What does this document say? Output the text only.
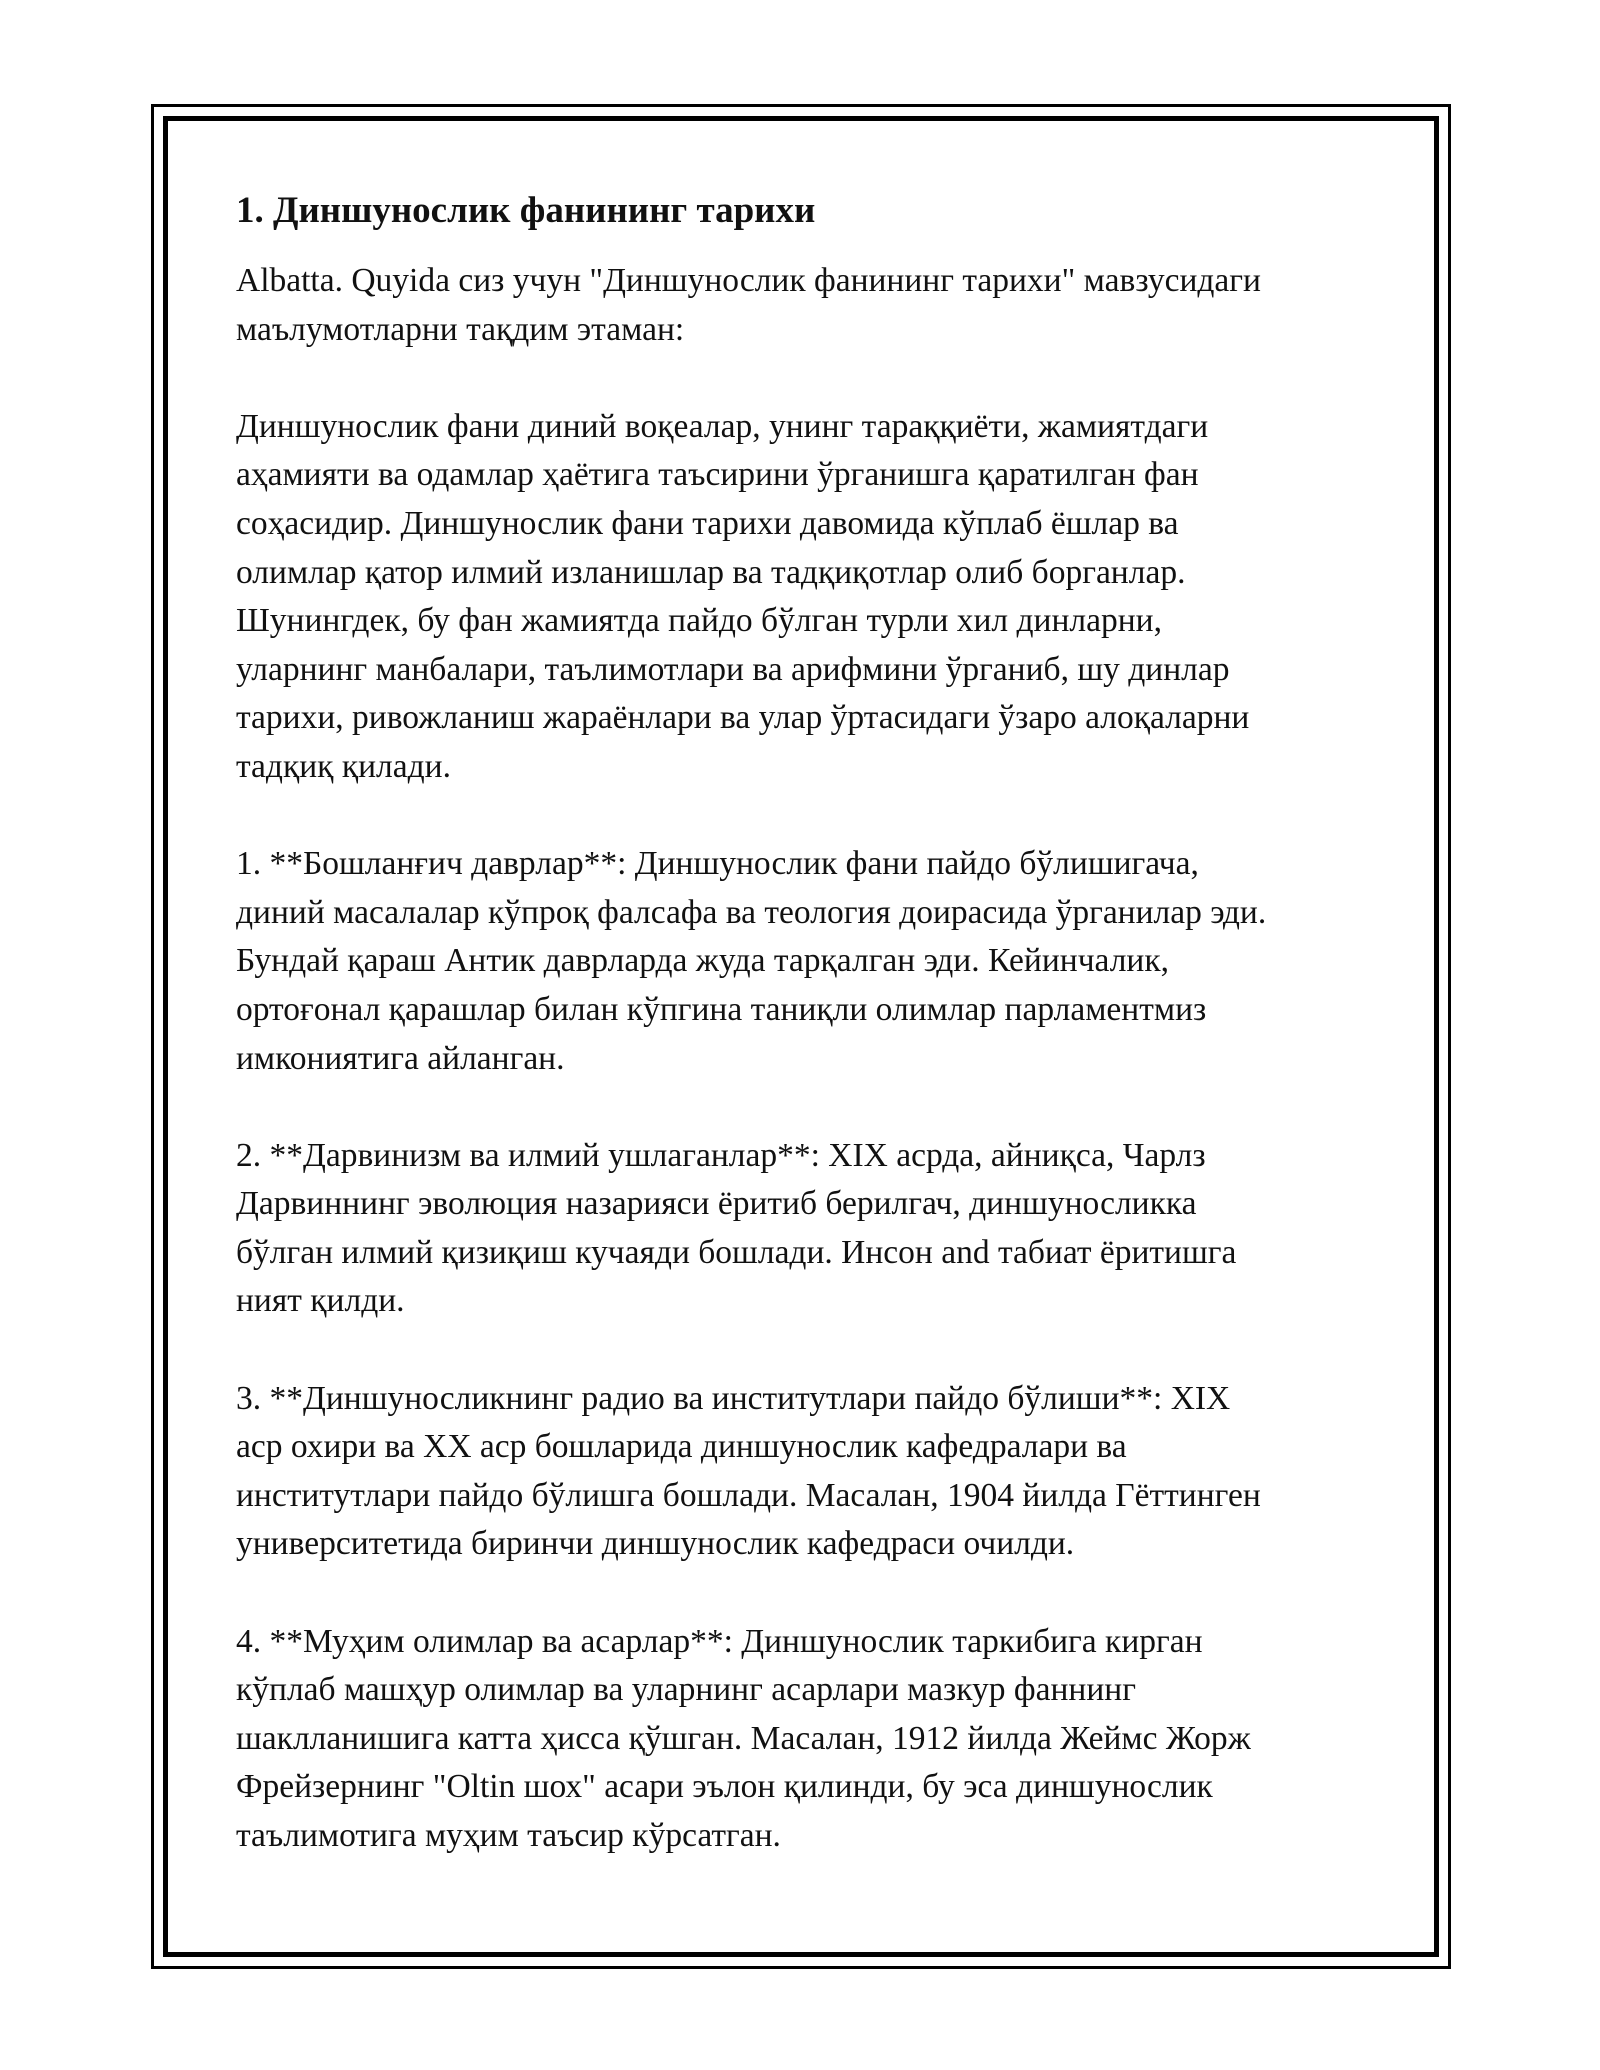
1. Диншунослик фанининг тарихи
Albatta. Quyida сиз учун "Диншунослик фанининг тарихи" мавзусидаги
маълумотларни тақдим этаман:
Диншунослик фани диний воқеалар, унинг тараққиёти, жамиятдаги
аҳамияти ва одамлар ҳаётига таъсирини ўрганишга қаратилган фан
соҳасидир. Диншунослик фани тарихи давомида кўплаб ёшлар ва
олимлар қатор илмий изланишлар ва тадқиқотлар олиб борганлар.
Шунингдек, бу фан жамиятда пайдо бўлган турли хил динларни,
уларнинг манбалари, таълимотлари ва арифмини ўрганиб, шу динлар
тарихи, ривожланиш жараёнлари ва улар ўртасидаги ўзаро алоқаларни
тадқиқ қилади.
1. **Бошланғич даврлар**: Диншунослик фани пайдо бўлишигача,
диний масалалар кўпроқ фалсафа ва теология доирасида ўрганилар эди.
Бундай қараш Антик даврларда жуда тарқалган эди. Кейинчалик,
ортоғонал қарашлар билан кўпгина таниқли олимлар парламентмиз
имкониятига айланган.
2. **Дарвинизм ва илмий ушлаганлар**: XIX асрда, айниқса, Чарлз
Дарвиннинг эволюция назарияси ёритиб берилгач, диншуносликка
бўлган илмий қизиқиш кучаяди бошлади. Инсон and табиат ёритишга
ният қилди.
3. **Диншуносликнинг радио ва институтлари пайдо бўлиши**: XIX
аср охири ва XX аср бошларида диншунослик кафедралари ва
институтлари пайдо бўлишга бошлади. Масалан, 1904 йилда Гёттинген
университетида биринчи диншунослик кафедраси очилди.
4. **Муҳим олимлар ва асарлар**: Диншунослик таркибига кирган
кўплаб машҳур олимлар ва уларнинг асарлари мазкур фаннинг
шаклланишига катта ҳисса қўшган. Масалан, 1912 йилда Жеймс Жорж
Фрейзернинг "Oltin шох" асари эълон қилинди, бу эса диншунослик
таълимотига муҳим таъсир кўрсатган.
